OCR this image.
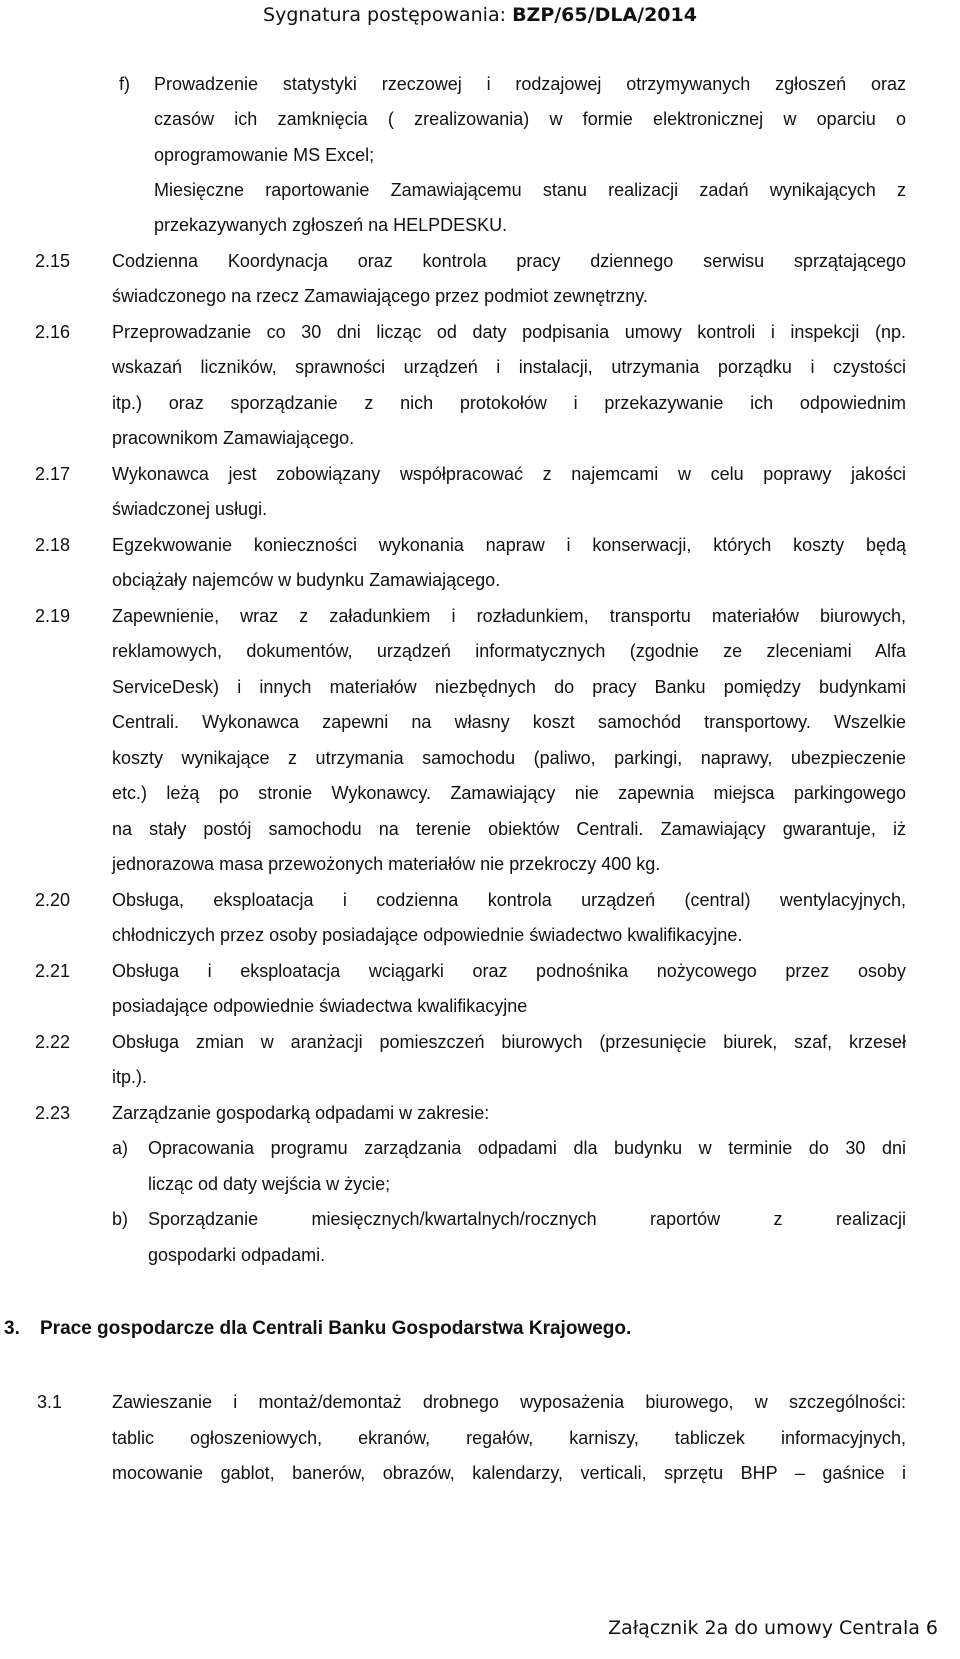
Sygnatura postępowania: BZP/65/DLA/2014
f) Prowadzenie statystyki rzeczowej i rodzajowej otrzymywanych zgłoszeń oraz
czasów ich zamknięcia ( zrealizowania) w formie elektronicznej w oparciu o
oprogramowanie MS Excel;
Miesięczne raportowanie Zamawiającemu stanu realizacji zadań wynikających z
przekazywanych zgłoszeń na HELPDESKU.
2.15 Codzienna Koordynacja oraz kontrola pracy dziennego serwisu sprzątającego
świadczonego na rzecz Zamawiającego przez podmiot zewnętrzny.
2.16 Przeprowadzanie co 30 dni licząc od daty podpisania umowy kontroli i inspekcji (np.
wskazań liczników, sprawności urządzeń i instalacji, utrzymania porządku i czystości
itp.) oraz sporządzanie z nich protokołów i przekazywanie ich odpowiednim
pracownikom Zamawiającego.
2.17 Wykonawca jest zobowiązany współpracować z najemcami w celu poprawy jakości
świadczonej usługi.
2.18 Egzekwowanie konieczności wykonania napraw i konserwacji, których koszty będą
obciążały najemców w budynku Zamawiającego.
2.19 Zapewnienie, wraz z załadunkiem i rozładunkiem, transportu materiałów biurowych,
reklamowych, dokumentów, urządzeń informatycznych (zgodnie ze zleceniami Alfa
ServiceDesk) i innych materiałów niezbędnych do pracy Banku pomiędzy budynkami
Centrali. Wykonawca zapewni na własny koszt samochód transportowy. Wszelkie
koszty wynikające z utrzymania samochodu (paliwo, parkingi, naprawy, ubezpieczenie
etc.) leżą po stronie Wykonawcy. Zamawiający nie zapewnia miejsca parkingowego
na stały postój samochodu na terenie obiektów Centrali. Zamawiający gwarantuje, iż
jednorazowa masa przewożonych materiałów nie przekroczy 400 kg.
2.20 Obsługa, eksploatacja i codzienna kontrola urządzeń (central) wentylacyjnych,
chłodniczych przez osoby posiadające odpowiednie świadectwo kwalifikacyjne.
2.21 Obsługa i eksploatacja wciągarki oraz podnośnika nożycowego przez osoby
posiadające odpowiednie świadectwa kwalifikacyjne
2.22 Obsługa zmian w aranżacji pomieszczeń biurowych (przesunięcie biurek, szaf, krzeseł
itp.).
2.23 Zarządzanie gospodarką odpadami w zakresie:
a) Opracowania programu zarządzania odpadami dla budynku w terminie do 30 dni
licząc od daty wejścia w życie;
b) Sporządzanie miesięcznych/kwartalnych/rocznych raportów z realizacji
gospodarki odpadami.
3. Prace gospodarcze dla Centrali Banku Gospodarstwa Krajowego.
3.1	Zawieszanie i montaż/demontaż drobnego wyposażenia biurowego, w szczególności:
tablic ogłoszeniowych, ekranów, regałów, karniszy, tabliczek informacyjnych,
mocowanie gablot, banerów, obrazów, kalendarzy, verticali, sprzętu BHP – gaśnice i
Załącznik 2a do umowy Centrala 6
